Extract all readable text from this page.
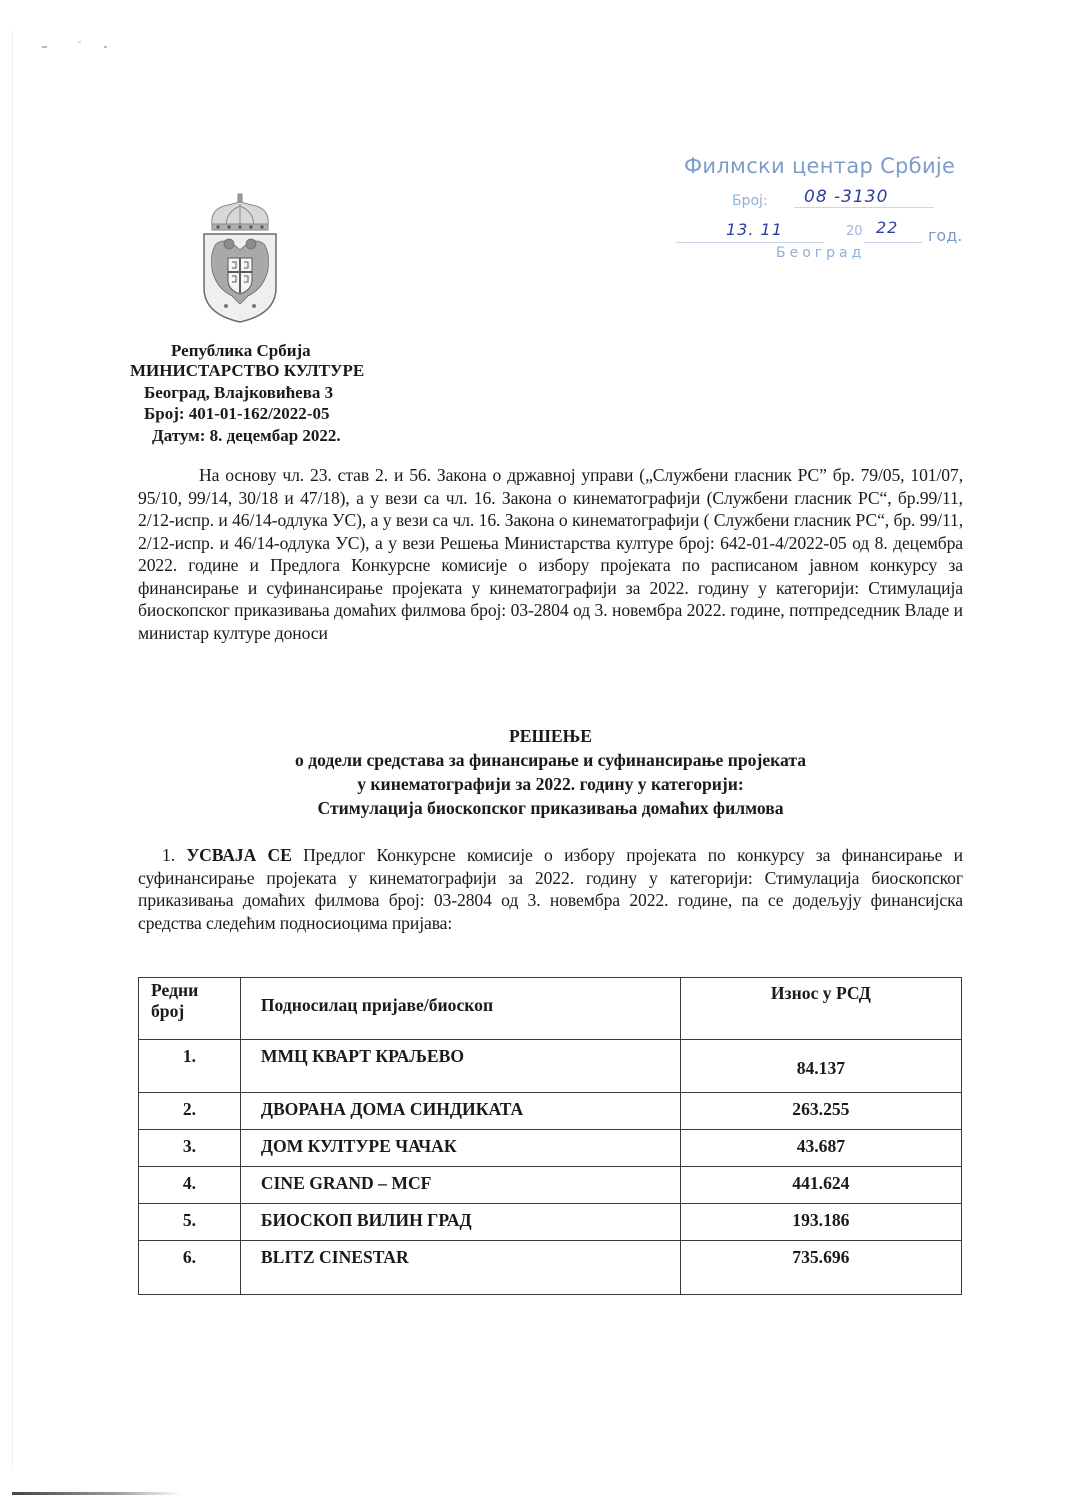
Филмски центар Србије
Број:	08 -3130
13. 11	20 22 год.
Београд
Република Србија
МИНИСТАРСТВО КУЛТУРЕ
Београд, Влајковићева 3
Број: 401-01-162/2022-05
Датум: 8. децембар 2022.

На основу чл. 23. став 2. и 56. Закона о државној управи („Службени гласник РС” бр. 79/05, 101/07, 95/10, 99/14, 30/18 и 47/18), а у вези са чл. 16. Закона о кинематографији (Службени гласник РС“, бр.99/11, 2/12-испр. и 46/14-одлука УС), а у вези са чл. 16. Закона о кинематографији ( Службени гласник РС“, бр. 99/11, 2/12-испр. и 46/14-одлука УС), а у вези Решења Министарства културе број: 642-01-4/2022-05 од 8. децембра 2022. године и Предлога Конкурсне комисије о избору пројеката по расписаном јавном конкурсу за финансирање и суфинансирање пројеката у кинематографији за 2022. годину у категорији: Стимулација биоскопског приказивања домаћих филмова број: 03-2804 од 3. новембра 2022. године, потпредседник Владе и министар културе доноси

РЕШЕЊЕ
о додели средстава за финансирање и суфинансирање пројеката
у кинематографији за 2022. годину у категорији:
Стимулација биоскопског приказивања домаћих филмова

1. УСВАЈА СЕ Предлог Конкурсне комисије о избору пројеката по конкурсу за финансирање и суфинансирање пројеката у кинематографији за 2022. годину у категорији: Стимулација биоскопског приказивања домаћих филмова број: 03-2804 од 3. новембра 2022. године, па се додељују финансијска средства следећим подносиоцима пријава:

Редни
број	Подносилац пријаве/биоскоп	Износ у РСД

1.	ММЦ КВАРТ КРАЉЕВО	84.137

2.	ДВОРАНА ДОМА СИНДИКАТА	263.255

3.	ДОМ КУЛТУРЕ ЧАЧАК	43.687

4.	CINE GRAND – MCF	441.624

5.	БИОСКОП ВИЛИН ГРАД	193.186

6.	BLITZ CINESTAR	735.696
